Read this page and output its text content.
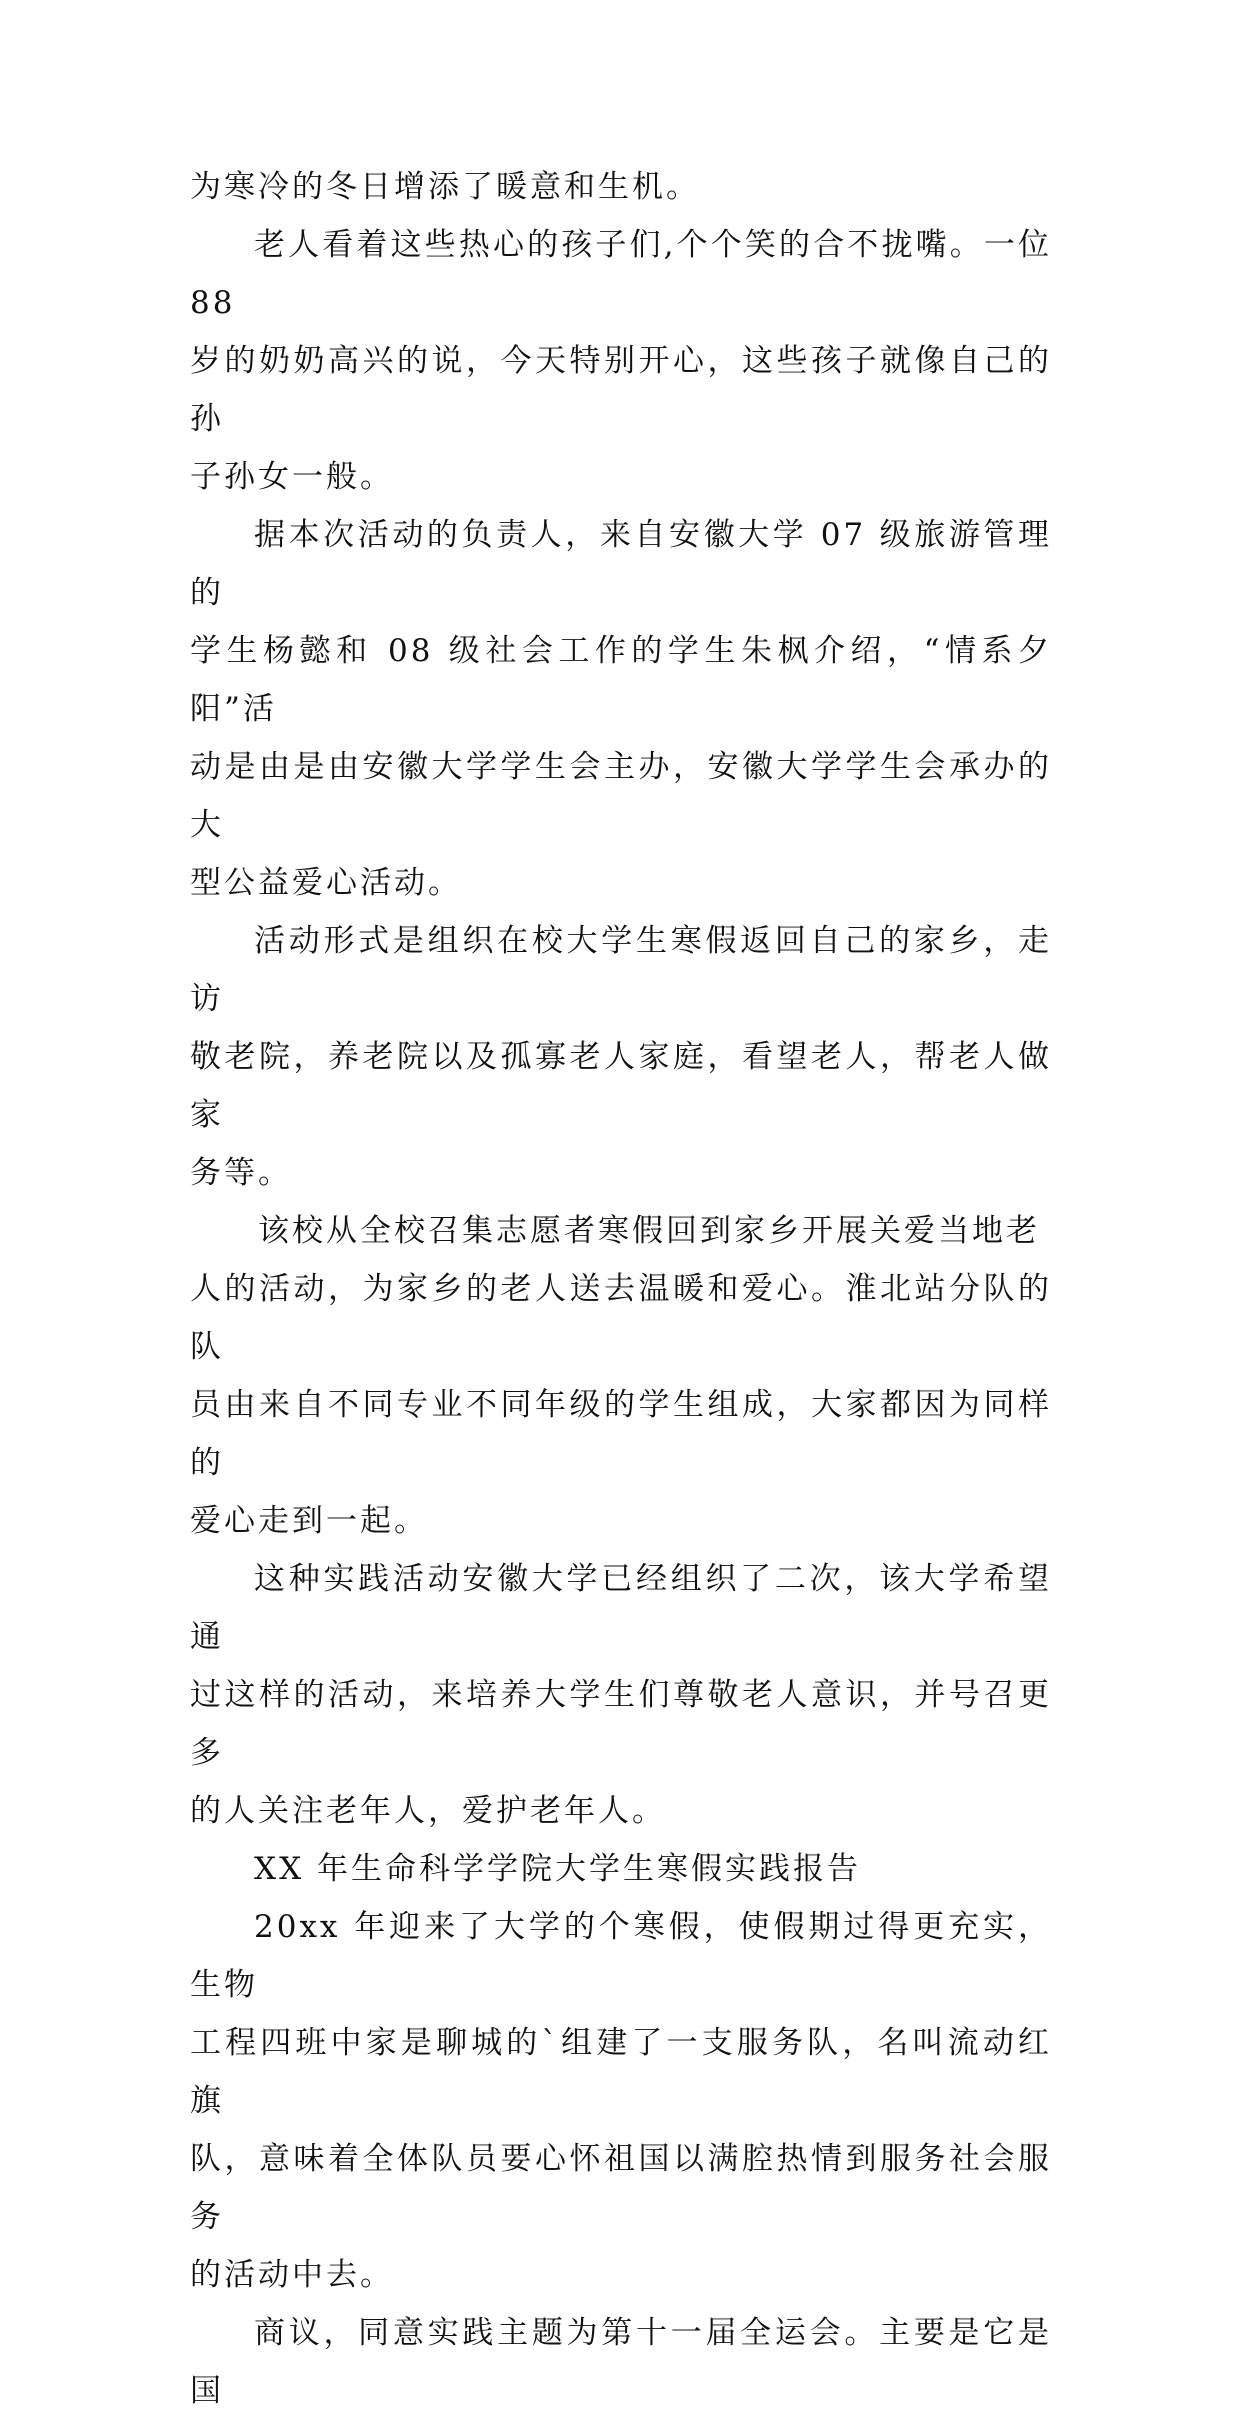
为寒冷的冬日增添了暖意和生机。

老人看着这些热心的孩子们,个个笑的合不拢嘴。一位 88
岁的奶奶高兴的说，今天特别开心，这些孩子就像自己的孙
子孙女一般。

据本次活动的负责人，来自安徽大学 07 级旅游管理的
学生杨懿和 08 级社会工作的学生朱枫介绍，“情系夕阳”活
动是由是由安徽大学学生会主办，安徽大学学生会承办的大
型公益爱心活动。

活动形式是组织在校大学生寒假返回自己的家乡，走访
敬老院，养老院以及孤寡老人家庭，看望老人，帮老人做家
务等。

该校从全校召集志愿者寒假回到家乡开展关爱当地老
人的活动，为家乡的老人送去温暖和爱心。淮北站分队的队
员由来自不同专业不同年级的学生组成，大家都因为同样的
爱心走到一起。

这种实践活动安徽大学已经组织了二次，该大学希望通
过这样的活动，来培养大学生们尊敬老人意识，并号召更多
的人关注老年人，爱护老年人。

XX 年生命科学学院大学生寒假实践报告

20xx 年迎来了大学的个寒假，使假期过得更充实，生物
工程四班中家是聊城的`组建了一支服务队，名叫流动红旗
队，意味着全体队员要心怀祖国以满腔热情到服务社会服务
的活动中去。

商议，同意实践主题为第十一届全运会。主要是它是国
